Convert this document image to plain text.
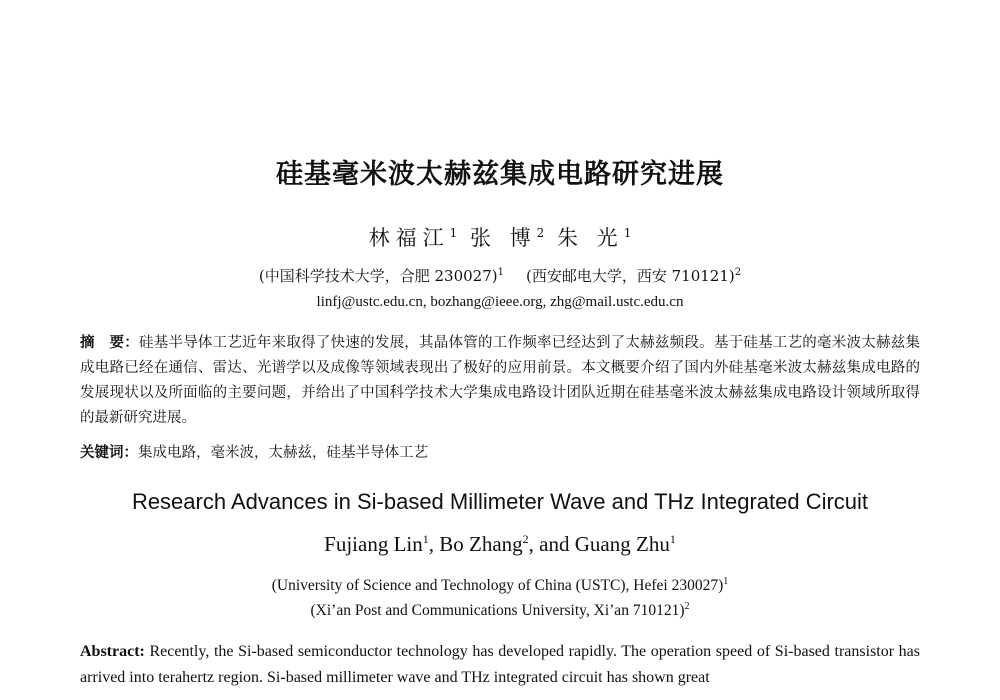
硅基毫米波太赫兹集成电路研究进展
林福江$^1$ 张 博$^2$ 朱 光$^1$
(中国科学技术大学，合肥 230027)$^1$ (西安邮电大学，西安 710121)$^2$
linfj@ustc.edu.cn, bozhang@ieee.org, zhg@mail.ustc.edu.cn
摘　要：硅基半导体工艺近年来取得了快速的发展，其晶体管的工作频率已经达到了太赫兹频段。基于硅基工艺的毫米波太赫兹集成电路已经在通信、雷达、光谱学以及成像等领域表现出了极好的应用前景。本文概要介绍了国内外硅基毫米波太赫兹集成电路的发展现状以及所面临的主要问题，并给出了中国科学技术大学集成电路设计团队近期在硅基毫米波太赫兹集成电路设计领域所取得的最新研究进展。
关键词：集成电路，毫米波，太赫兹，硅基半导体工艺
Research Advances in Si-based Millimeter Wave and THz Integrated Circuit
Fujiang Lin$^1$, Bo Zhang$^2$, and Guang Zhu$^1$
(University of Science and Technology of China (USTC), Hefei 230027)$^1$
(Xi’an Post and Communications University, Xi’an 710121)$^2$
Abstract: Recently, the Si-based semiconductor technology has developed rapidly. The operation speed of Si-based transistor has arrived into terahertz region. Si-based millimeter wave and THz integrated circuit has shown great
